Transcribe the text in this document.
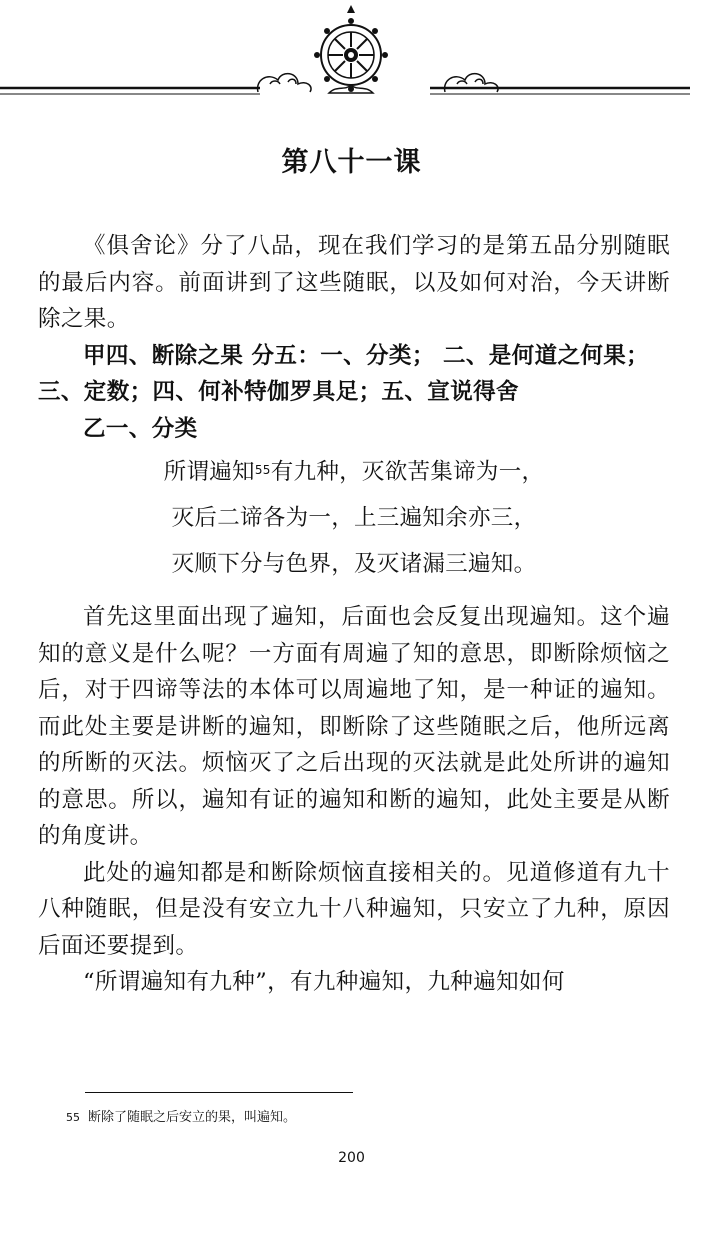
第八十一课

《俱舍论》分了八品，现在我们学习的是第五品分别随眠的最后内容。前面讲到了这些随眠，以及如何对治，今天讲断除之果。

甲四、断除之果 分五：一、分类； 二、是何道之何果；三、定数；四、何补特伽罗具足；五、宣说得舍

乙一、分类

所谓遍知$^{55}$有九种，灭欲苦集谛为一，

灭后二谛各为一，上三遍知余亦三，

灭顺下分与色界，及灭诸漏三遍知。

首先这里面出现了遍知，后面也会反复出现遍知。这个遍知的意义是什么呢？一方面有周遍了知的意思，即断除烦恼之后，对于四谛等法的本体可以周遍地了知，是一种证的遍知。而此处主要是讲断的遍知，即断除了这些随眠之后，他所远离的所断的灭法。烦恼灭了之后出现的灭法就是此处所讲的遍知的意思。所以，遍知有证的遍知和断的遍知，此处主要是从断的角度讲。

此处的遍知都是和断除烦恼直接相关的。见道修道有九十八种随眠，但是没有安立九十八种遍知，只安立了九种，原因后面还要提到。

“所谓遍知有九种”，有九种遍知，九种遍知如何

55 断除了随眠之后安立的果，叫遍知。
200
